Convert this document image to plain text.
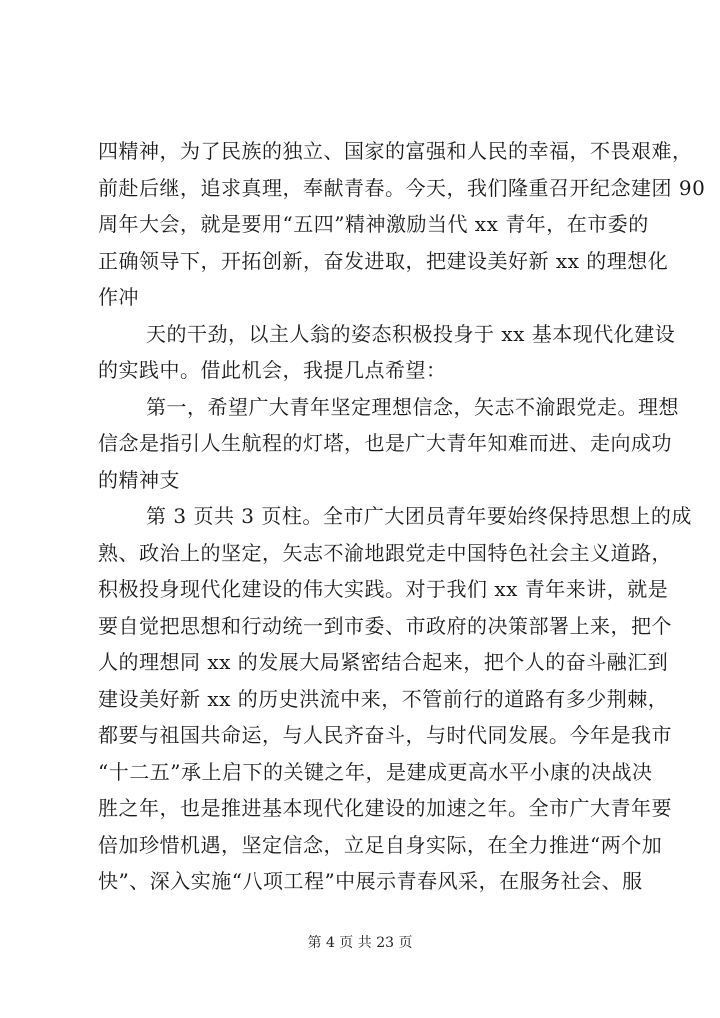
四精神，为了民族的独立、国家的富强和人民的幸福，不畏艰难，
前赴后继，追求真理，奉献青春。今天，我们隆重召开纪念建团 90
周年大会，就是要用“五四”精神激励当代 xx 青年，在市委的
正确领导下，开拓创新，奋发进取，把建设美好新 xx 的理想化
作冲
天的干劲，以主人翁的姿态积极投身于 xx 基本现代化建设
的实践中。借此机会，我提几点希望：
第一，希望广大青年坚定理想信念，矢志不渝跟党走。理想
信念是指引人生航程的灯塔，也是广大青年知难而进、走向成功
的精神支
第 3 页共 3 页柱。全市广大团员青年要始终保持思想上的成
熟、政治上的坚定，矢志不渝地跟党走中国特色社会主义道路，
积极投身现代化建设的伟大实践。对于我们 xx 青年来讲，就是
要自觉把思想和行动统一到市委、市政府的决策部署上来，把个
人的理想同 xx 的发展大局紧密结合起来，把个人的奋斗融汇到
建设美好新 xx 的历史洪流中来，不管前行的道路有多少荆棘，
都要与祖国共命运，与人民齐奋斗，与时代同发展。今年是我市
“十二五”承上启下的关键之年，是建成更高水平小康的决战决
胜之年，也是推进基本现代化建设的加速之年。全市广大青年要
倍加珍惜机遇，坚定信念，立足自身实际，在全力推进“两个加
快”、深入实施“八项工程”中展示青春风采，在服务社会、服
第 4 页 共 23 页
